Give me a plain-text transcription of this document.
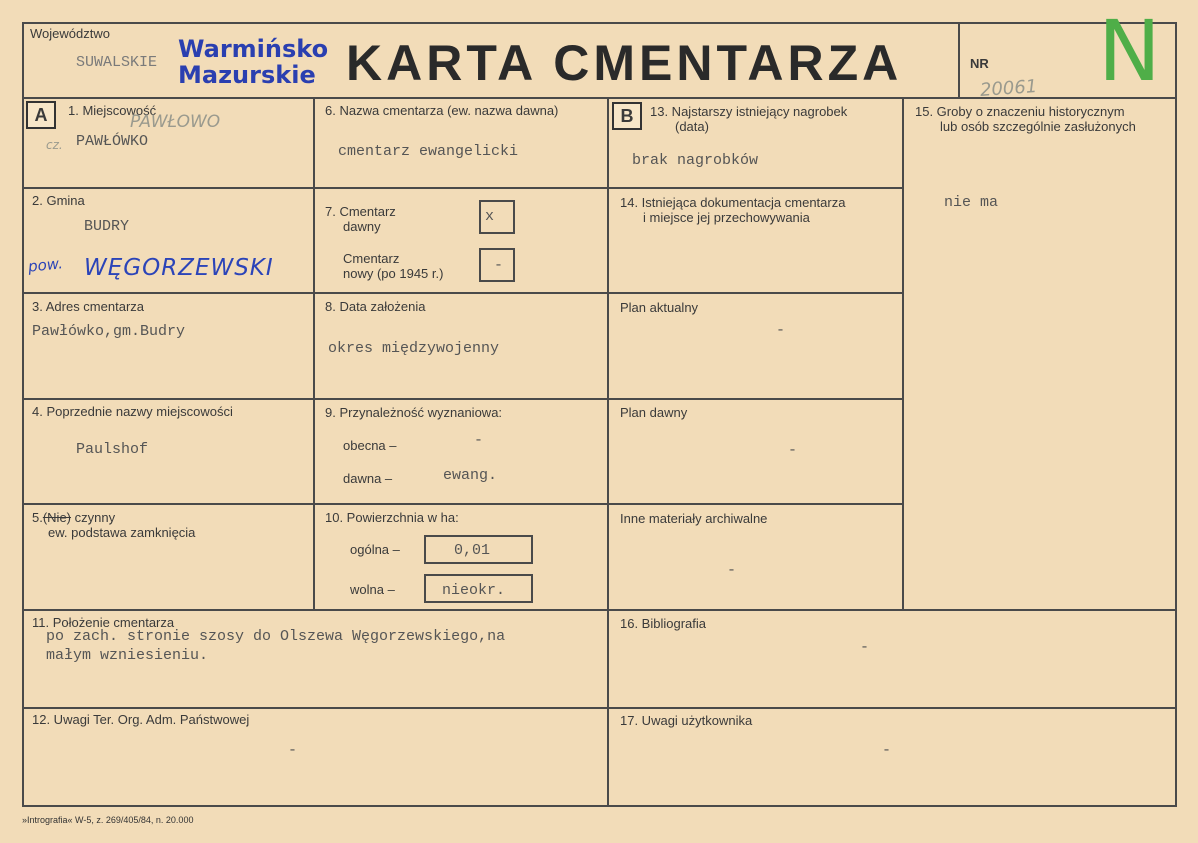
Województwo
SUWALSKIE Warmińsko
Mazurskie KARTA CMENTARZA	NR
20061 N
A	B
1. Miejscowość
PAWŁOWO
cz. PAWŁÓWKO
2. Gmina
BUDRY
pow. WĘGORZEWSKI
3. Adres cmentarza
Pawłówko,gm.Budry
4. Poprzednie nazwy miejscowości
Paulshof
5.(Nie) czynny
ew. podstawa zamknięcia
6. Nazwa cmentarza (ew. nazwa dawna)
cmentarz ewangelicki
7. Cmentarz
dawny
x
Cmentarz
nowy (po 1945 r.)	-
8. Data założenia
okres międzywojenny
9. Przynależność wyznaniowa:
obecna –	-
dawna –	ewang.
10. Powierzchnia w ha:
ogólna –	0,01
wolna –	nieokr.
11. Położenie cmentarza
po zach. stronie szosy do Olszewa Węgorzewskiego,na
małym wzniesieniu.
12. Uwagi Ter. Org. Adm. Państwowej
-
13. Najstarszy istniejący nagrobek
(data)
brak nagrobków
14. Istniejąca dokumentacja cmentarza
i miejsce jej przechowywania
Plan aktualny
-
Plan dawny
-
Inne materiały archiwalne
-
15. Groby o znaczeniu historycznym
lub osób szczególnie zasłużonych
nie ma
16. Bibliografia
-
17. Uwagi użytkownika
-
»Intrografia« W-5, z. 269/405/84, n. 20.000
